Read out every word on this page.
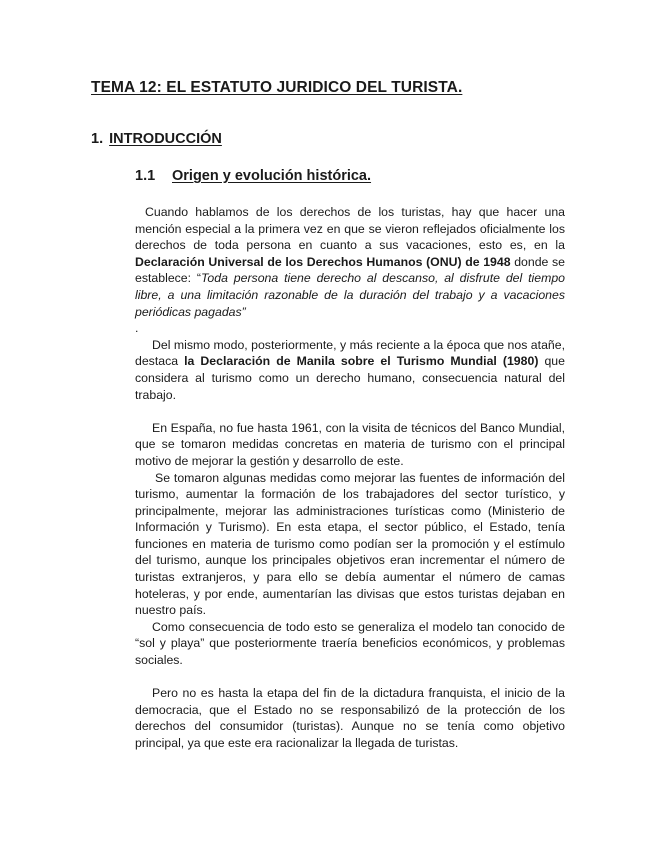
TEMA 12: EL ESTATUTO JURIDICO DEL TURISTA.
1. INTRODUCCIÓN
1.1 Origen y evolución histórica.

Cuando hablamos de los derechos de los turistas, hay que hacer una mención especial a la primera vez en que se vieron reflejados oficialmente los derechos de toda persona en cuanto a sus vacaciones, esto es, en la Declaración Universal de los Derechos Humanos (ONU) de 1948 donde se establece: “Toda persona tiene derecho al descanso, al disfrute del tiempo libre, a una limitación razonable de la duración del trabajo y a vacaciones periódicas pagadas”

.

Del mismo modo, posteriormente, y más reciente a la época que nos atañe, destaca la Declaración de Manila sobre el Turismo Mundial (1980) que considera al turismo como un derecho humano, consecuencia natural del trabajo.

En España, no fue hasta 1961, con la visita de técnicos del Banco Mundial, que se tomaron medidas concretas en materia de turismo con el principal motivo de mejorar la gestión y desarrollo de este.

Se tomaron algunas medidas como mejorar las fuentes de información del turismo, aumentar la formación de los trabajadores del sector turístico, y principalmente, mejorar las administraciones turísticas como (Ministerio de Información y Turismo). En esta etapa, el sector público, el Estado, tenía funciones en materia de turismo como podían ser la promoción y el estímulo del turismo, aunque los principales objetivos eran incrementar el número de turistas extranjeros, y para ello se debía aumentar el número de camas hoteleras, y por ende, aumentarían las divisas que estos turistas dejaban en nuestro país.

Como consecuencia de todo esto se generaliza el modelo tan conocido de “sol y playa” que posteriormente traería beneficios económicos, y problemas sociales.

Pero no es hasta la etapa del fin de la dictadura franquista, el inicio de la democracia, que el Estado no se responsabilizó de la protección de los derechos del consumidor (turistas). Aunque no se tenía como objetivo principal, ya que este era racionalizar la llegada de turistas.
